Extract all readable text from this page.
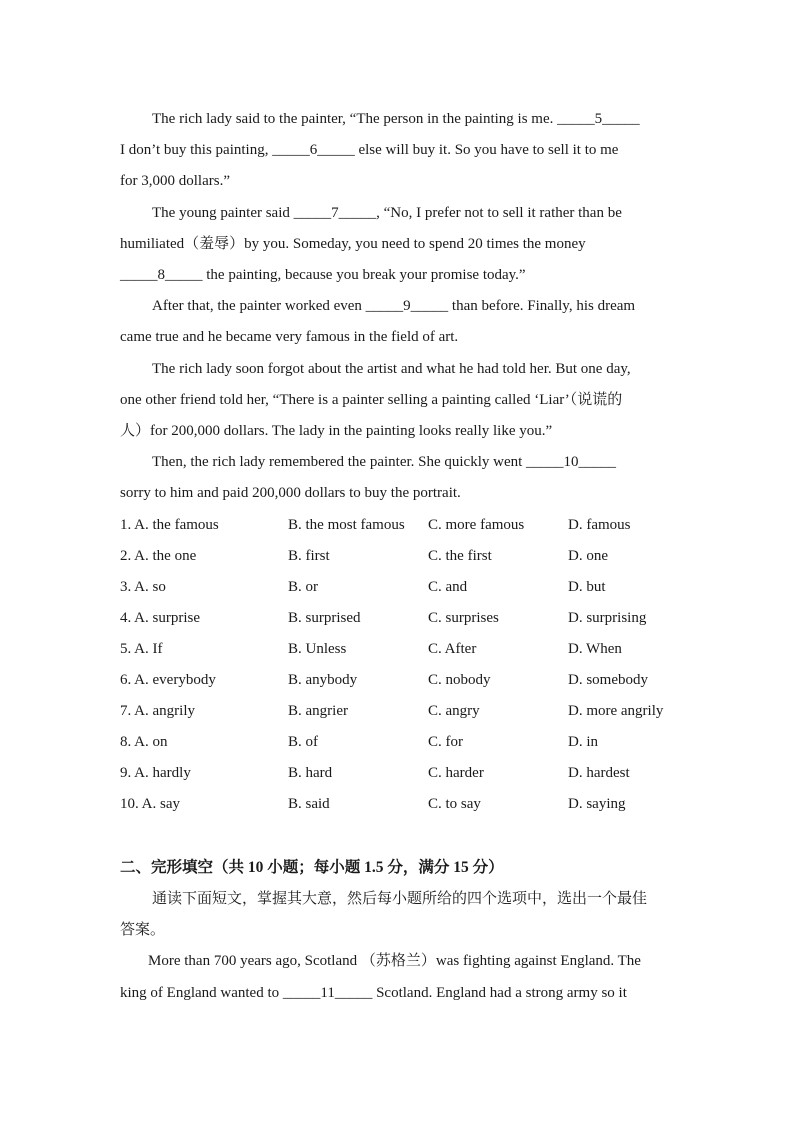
The rich lady said to the painter, “The person in the painting is me. _____5_____
I don’t buy this painting, _____6_____ else will buy it. So you have to sell it to me
for 3,000 dollars.”
The young painter said _____7_____, “No, I prefer not to sell it rather than be
humiliated（羞辱）by you. Someday, you need to spend 20 times the money
_____8_____ the painting, because you break your promise today.”
After that, the painter worked even _____9_____ than before. Finally, his dream
came true and he became very famous in the field of art.
The rich lady soon forgot about the artist and what he had told her. But one day,
one other friend told her, “There is a painter selling a painting called ‘Liar’（说谎的
人）for 200,000 dollars. The lady in the painting looks really like you.”
Then, the rich lady remembered the painter. She quickly went _____10_____
sorry to him and paid 200,000 dollars to buy the portrait.
1. A. the famous	B. the most famous C. more famous	D. famous
2. A. the one	B. first	C. the first	D. one
3. A. so	B. or	C. and	D. but
4. A. surprise	B. surprised	C. surprises	D. surprising
5. A. If	B. Unless	C. After	D. When
6. A. everybody	B. anybody	C. nobody	D. somebody
7. A. angrily	B. angrier	C. angry	D. more angrily
8. A. on	B. of	C. for	D. in
9. A. hardly	B. hard	C. harder	D. hardest
10. A. say	B. said	C. to say	D. saying
二、完形填空（共 10 小题；每小题 1.5 分，满分 15 分）
通读下面短文，掌握其大意，然后每小题所给的四个选项中，选出一个最佳
答案。
More than 700 years ago, Scotland （苏格兰）was fighting against England. The
king of England wanted to _____11_____ Scotland. England had a strong army so it
